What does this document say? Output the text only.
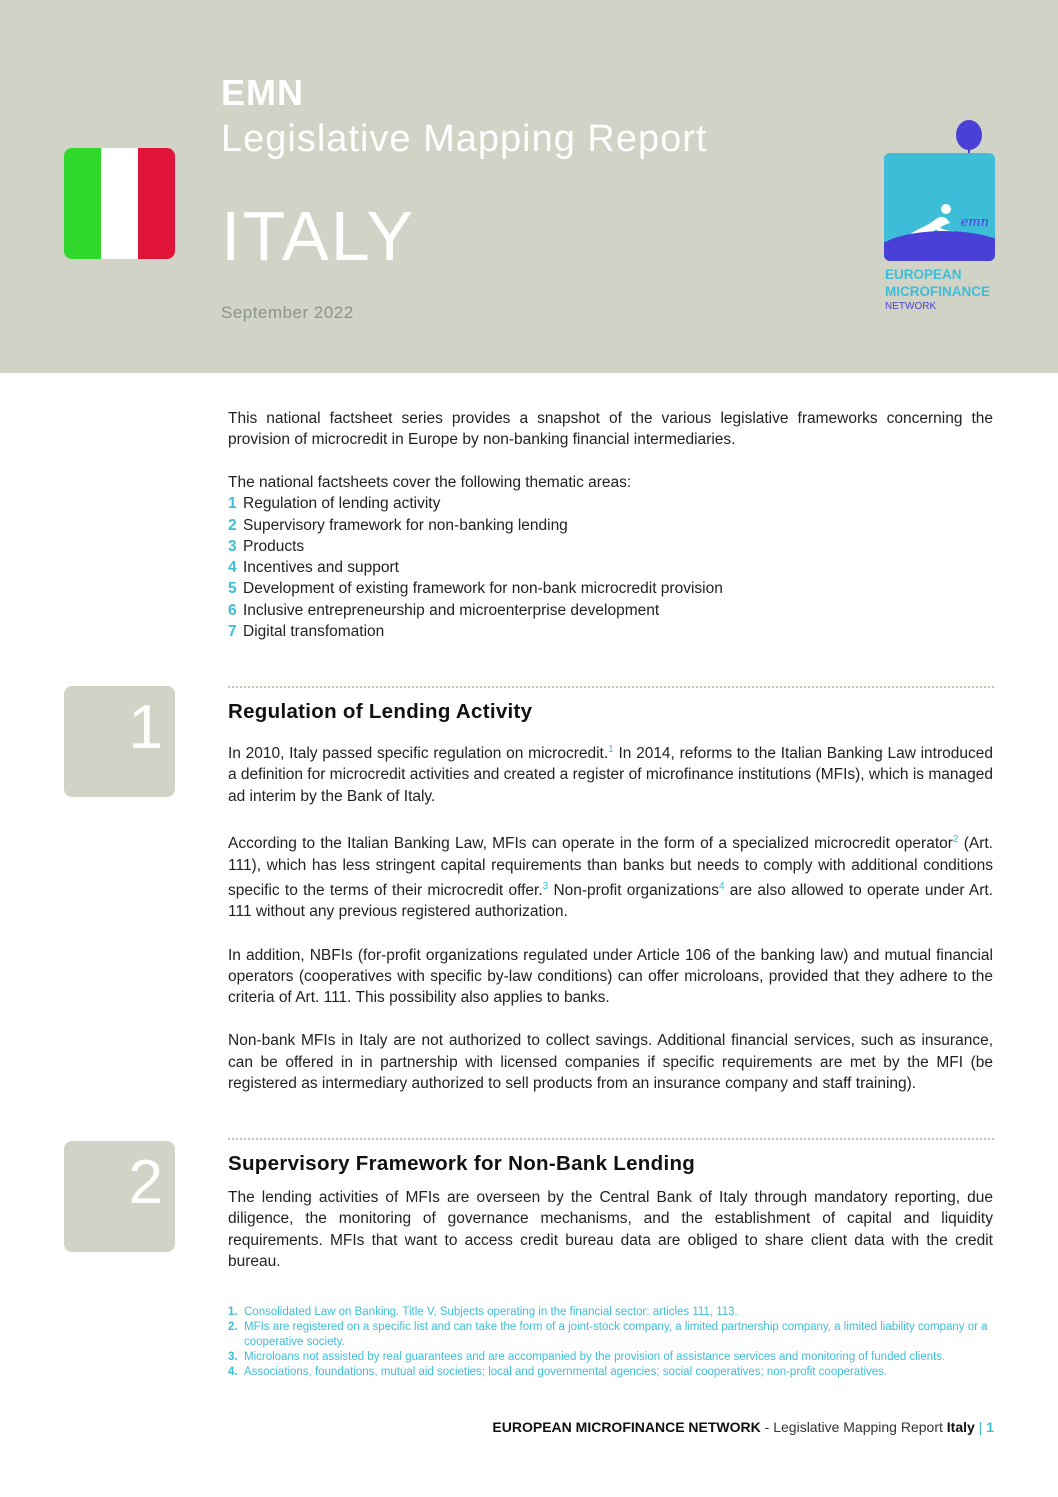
EMN
Legislative Mapping Report
ITALY
September 2022
emn
EUROPEAN
MICROFINANCE
NETWORK

This national factsheet series provides a snapshot of the various legislative frameworks concerning the provision of microcredit in Europe by non-banking financial intermediaries.

The national factsheets cover the following thematic areas:
1 Regulation of lending activity
2 Supervisory framework for non-banking lending
3 Products
4 Incentives and support
5 Development of existing framework for non-bank microcredit provision
6 Inclusive entrepreneurship and microenterprise development
7 Digital transfomation
1	Regulation of Lending Activity

In 2010, Italy passed specific regulation on microcredit.$^1$ In 2014, reforms to the Italian Banking Law introduced a definition for microcredit activities and created a register of microfinance institutions (MFIs), which is managed ad interim by the Bank of Italy.

According to the Italian Banking Law, MFIs can operate in the form of a specialized microcredit operator$^2$ (Art. 111), which has less stringent capital requirements than banks but needs to comply with additional conditions specific to the terms of their microcredit offer.$^3$ Non-profit organizations$^4$ are also allowed to operate under Art. 111 without any previous registered authorization.

In addition, NBFIs (for-profit organizations regulated under Article 106 of the banking law) and mutual financial operators (cooperatives with specific by-law conditions) can offer microloans, provided that they adhere to the criteria of Art. 111. This possibility also applies to banks.

Non-bank MFIs in Italy are not authorized to collect savings. Additional financial services, such as insurance, can be offered in in partnership with licensed companies if specific requirements are met by the MFI (be registered as intermediary authorized to sell products from an insurance company and staff training).

2	Supervisory Framework for Non-Bank Lending

The lending activities of MFIs are overseen by the Central Bank of Italy through mandatory reporting, due diligence, the monitoring of governance mechanisms, and the establishment of capital and liquidity requirements. MFIs that want to access credit bureau data are obliged to share client data with the credit bureau.

1. Consolidated Law on Banking. Title V, Subjects operating in the financial sector: articles 111, 113.
2. MFIs are registered on a specific list and can take the form of a joint-stock company, a limited partnership company, a limited liability company or a cooperative society.
3. Microloans not assisted by real guarantees and are accompanied by the provision of assistance services and monitoring of funded clients.
4. Associations, foundations, mutual aid societies; local and governmental agencies; social cooperatives; non-profit cooperatives.
EUROPEAN MICROFINANCE NETWORK - Legislative Mapping Report Italy | 1
